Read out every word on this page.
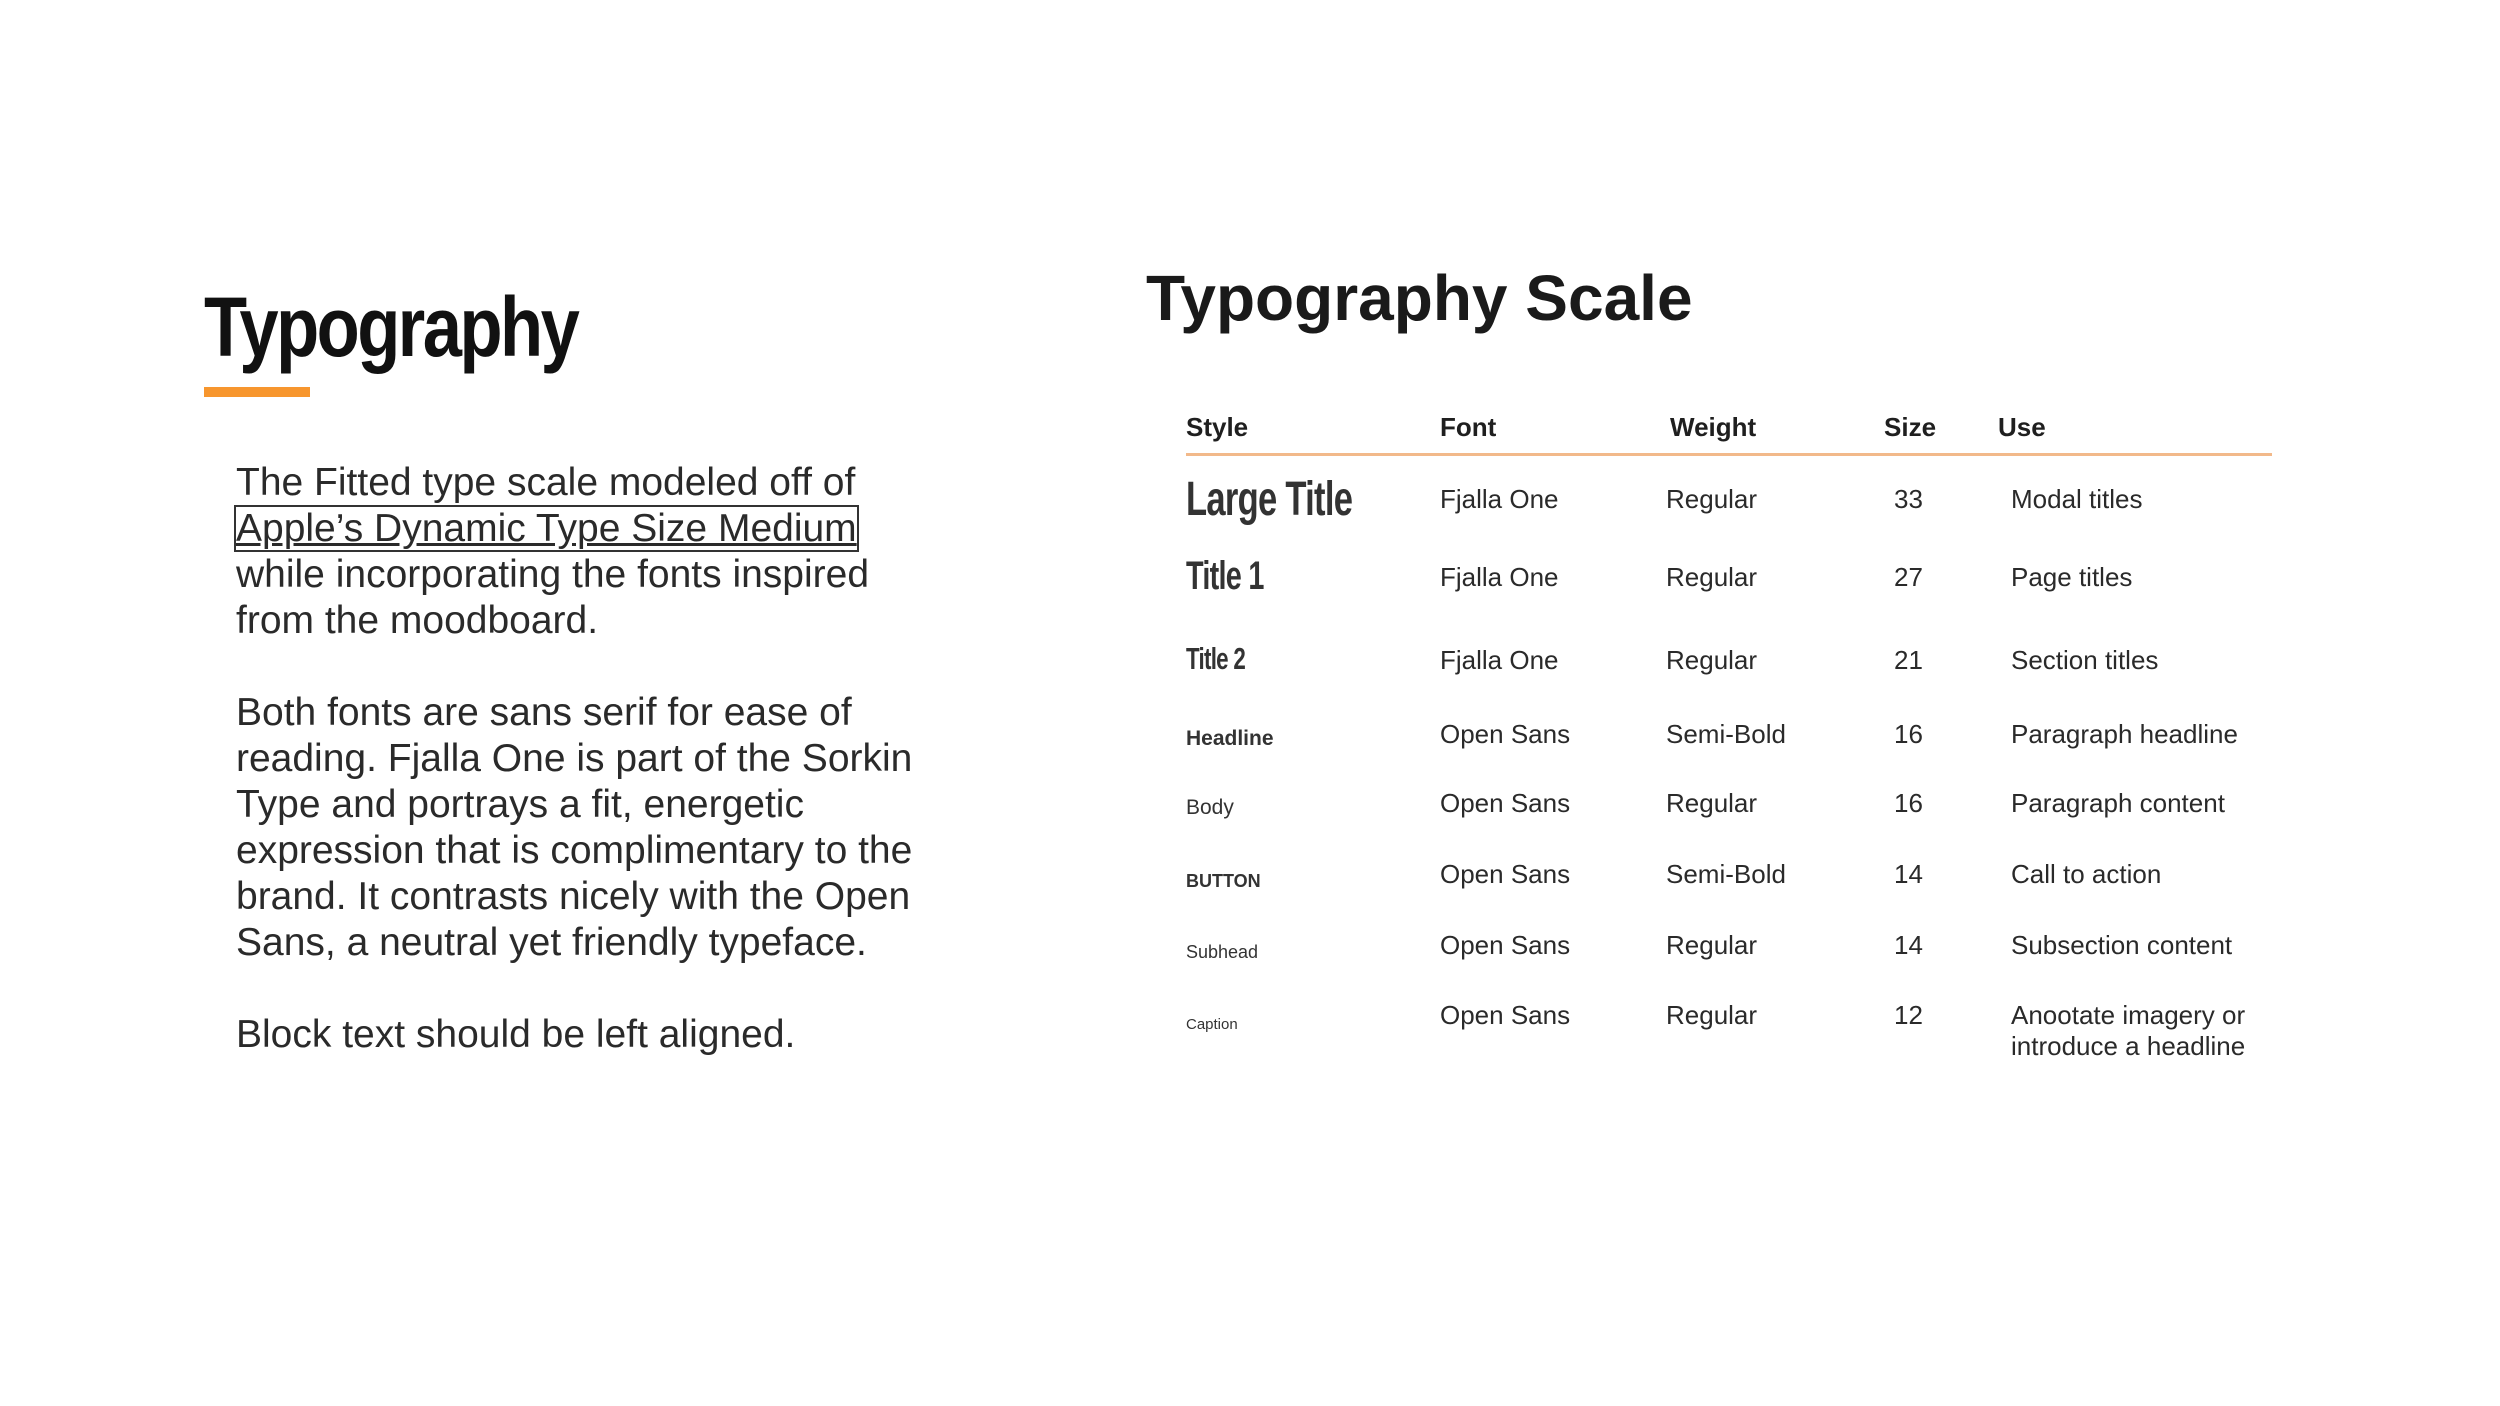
Typography

The Fitted type scale modeled off of Apple’s Dynamic Type Size Medium while incorporating the fonts inspired from the moodboard.

Both fonts are sans serif for ease of reading. Fjalla One is part of the Sorkin Type and portrays a fit, energetic expression that is complimentary to the brand. It contrasts nicely with the Open Sans, a neutral yet friendly typeface.

Block text should be left aligned.

Typography Scale
Style	Font	Weight	Size	Use
Large Title	Fjalla One	Regular	33	Modal titles
Title 1	Fjalla One	Regular	27	Page titles
Title 2	Fjalla One	Regular	21	Section titles
Headline	Open Sans	Semi-Bold	16	Paragraph headline
Body	Open Sans	Regular	16	Paragraph content
BUTTON	Open Sans	Semi-Bold	14	Call to action
Subhead	Open Sans	Regular	14	Subsection content
Caption	Open Sans	Regular	12	Anootate imagery or introduce a headline
